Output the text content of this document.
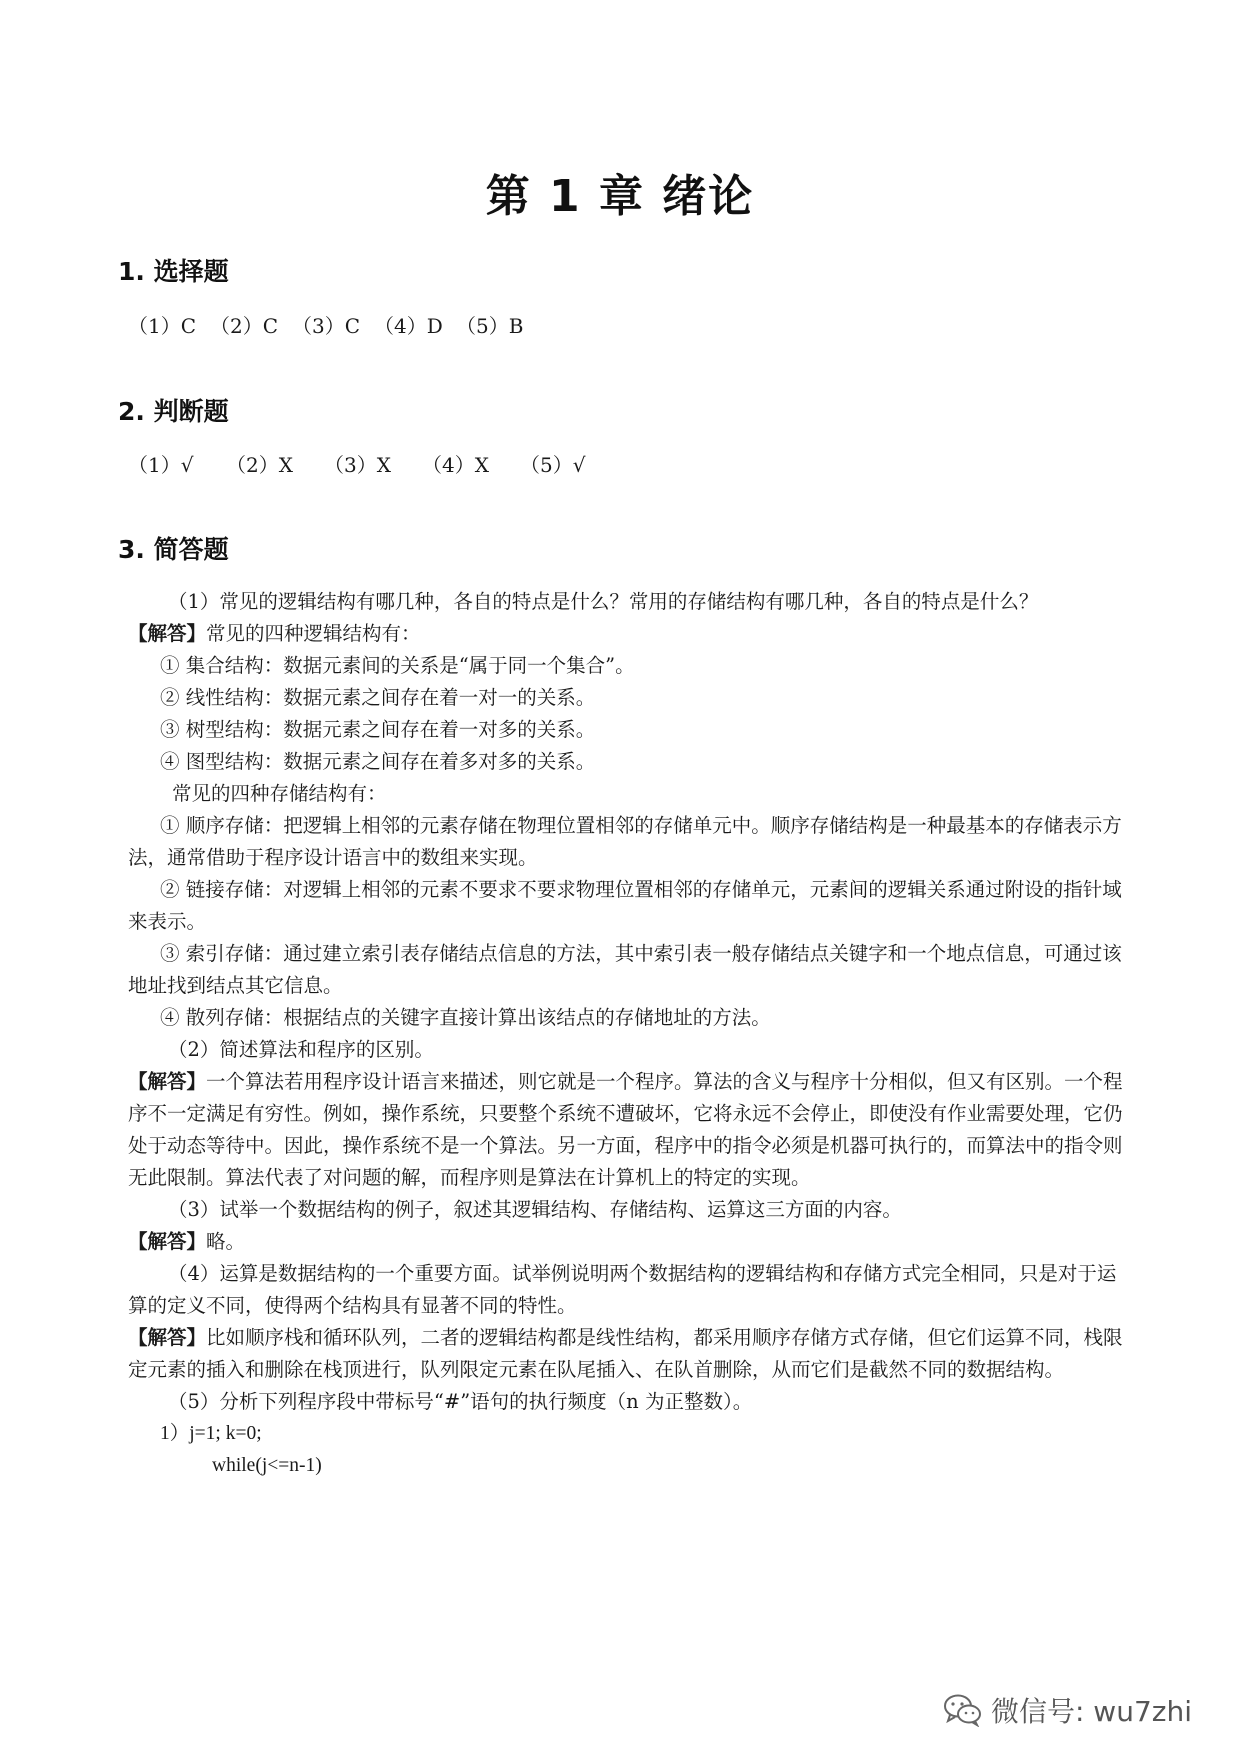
第 1 章 绪论
1. 选择题
（1）C （2）C （3）C （4）D （5）B
2. 判断题
（1）√	（2）X	（3）X	（4）X	（5）√
3. 简答题
（1）常见的逻辑结构有哪几种，各自的特点是什么？常用的存储结构有哪几种，各自的特点是什么？
【解答】常见的四种逻辑结构有：
① 集合结构：数据元素间的关系是“属于同一个集合”。
② 线性结构：数据元素之间存在着一对一的关系。
③ 树型结构：数据元素之间存在着一对多的关系。
④ 图型结构：数据元素之间存在着多对多的关系。
常见的四种存储结构有：
① 顺序存储：把逻辑上相邻的元素存储在物理位置相邻的存储单元中。顺序存储结构是一种最基本的存储表示方法，通常借助于程序设计语言中的数组来实现。
② 链接存储：对逻辑上相邻的元素不要求不要求物理位置相邻的存储单元，元素间的逻辑关系通过附设的指针域来表示。
③ 索引存储：通过建立索引表存储结点信息的方法，其中索引表一般存储结点关键字和一个地点信息，可通过该地址找到结点其它信息。
④ 散列存储：根据结点的关键字直接计算出该结点的存储地址的方法。
（2）简述算法和程序的区别。
【解答】一个算法若用程序设计语言来描述，则它就是一个程序。算法的含义与程序十分相似，但又有区别。一个程序不一定满足有穷性。例如，操作系统，只要整个系统不遭破坏，它将永远不会停止，即使没有作业需要处理，它仍处于动态等待中。因此，操作系统不是一个算法。另一方面，程序中的指令必须是机器可执行的，而算法中的指令则无此限制。算法代表了对问题的解，而程序则是算法在计算机上的特定的实现。
（3）试举一个数据结构的例子，叙述其逻辑结构、存储结构、运算这三方面的内容。
【解答】略。
（4）运算是数据结构的一个重要方面。试举例说明两个数据结构的逻辑结构和存储方式完全相同，只是对于运算的定义不同，使得两个结构具有显著不同的特性。
【解答】比如顺序栈和循环队列，二者的逻辑结构都是线性结构，都采用顺序存储方式存储，但它们运算不同，栈限定元素的插入和删除在栈顶进行，队列限定元素在队尾插入、在队首删除，从而它们是截然不同的数据结构。
（5）分析下列程序段中带标号“#”语句的执行频度（n 为正整数）。
1）j=1; k=0;
while(j<=n-1)
微信号: wu7zhi
